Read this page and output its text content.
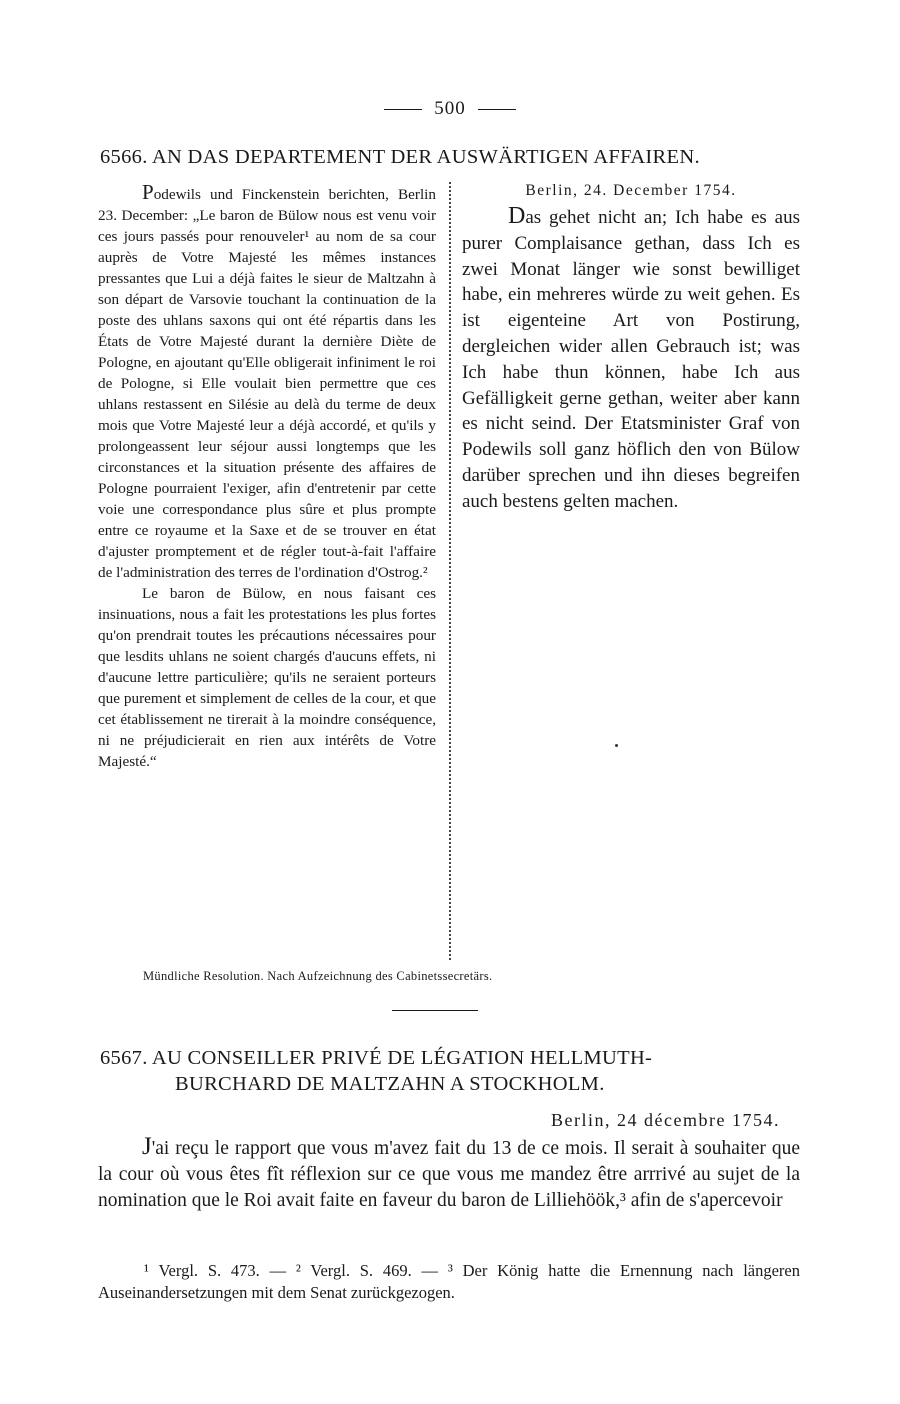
500
6566. AN DAS DEPARTEMENT DER AUSWÄRTIGEN AFFAIREN.

Podewils und Finckenstein berichten, Berlin 23. December: „Le baron de Bülow nous est venu voir ces jours passés pour renouveler¹ au nom de sa cour auprès de Votre Majesté les mêmes instances pressantes que Lui a déjà faites le sieur de Maltzahn à son départ de Varsovie touchant la continuation de la poste des uhlans saxons qui ont été répartis dans les États de Votre Majesté durant la dernière Diète de Pologne, en ajoutant qu'Elle obligerait infiniment le roi de Pologne, si Elle voulait bien permettre que ces uhlans restassent en Silésie au delà du terme de deux mois que Votre Majesté leur a déjà accordé, et qu'ils y prolongeassent leur séjour aussi longtemps que les circonstances et la situation présente des affaires de Pologne pourraient l'exiger, afin d'entretenir par cette voie une correspondance plus sûre et plus prompte entre ce royaume et la Saxe et de se trouver en état d'ajuster promptement et de régler tout-à-fait l'affaire de l'administration des terres de l'ordination d'Ostrog.²

Le baron de Bülow, en nous faisant ces insinuations, nous a fait les protestations les plus fortes qu'on prendrait toutes les précautions nécessaires pour que lesdits uhlans ne soient chargés d'aucuns effets, ni d'aucune lettre particulière; qu'ils ne seraient porteurs que purement et simplement de celles de la cour, et que cet établissement ne tirerait à la moindre conséquence, ni ne préjudicierait en rien aux intérêts de Votre Majesté.“

Berlin, 24. December 1754.

Das gehet nicht an; Ich habe es aus purer Complaisance gethan, dass Ich es zwei Monat länger wie sonst bewilliget habe, ein mehreres würde zu weit gehen. Es ist eigenteine Art von Postirung, dergleichen wider allen Gebrauch ist; was Ich habe thun können, habe Ich aus Gefälligkeit gerne gethan, weiter aber kann es nicht seind. Der Etatsminister Graf von Podewils soll ganz höflich den von Bülow darüber sprechen und ihn dieses begreifen auch bestens gelten machen.

Mündliche Resolution. Nach Aufzeichnung des Cabinetssecretärs.
6567. AU CONSEILLER PRIVÉ DE LÉGATION HELLMUTH-
BURCHARD DE MALTZAHN A STOCKHOLM.
Berlin, 24 décembre 1754.

J'ai reçu le rapport que vous m'avez fait du 13 de ce mois. Il serait à souhaiter que la cour où vous êtes fît réflexion sur ce que vous me mandez être arrrivé au sujet de la nomination que le Roi avait faite en faveur du baron de Lilliehöök,³ afin de s'apercevoir

¹ Vergl. S. 473. — ² Vergl. S. 469. — ³ Der König hatte die Ernennung nach längeren Auseinandersetzungen mit dem Senat zurückgezogen.
